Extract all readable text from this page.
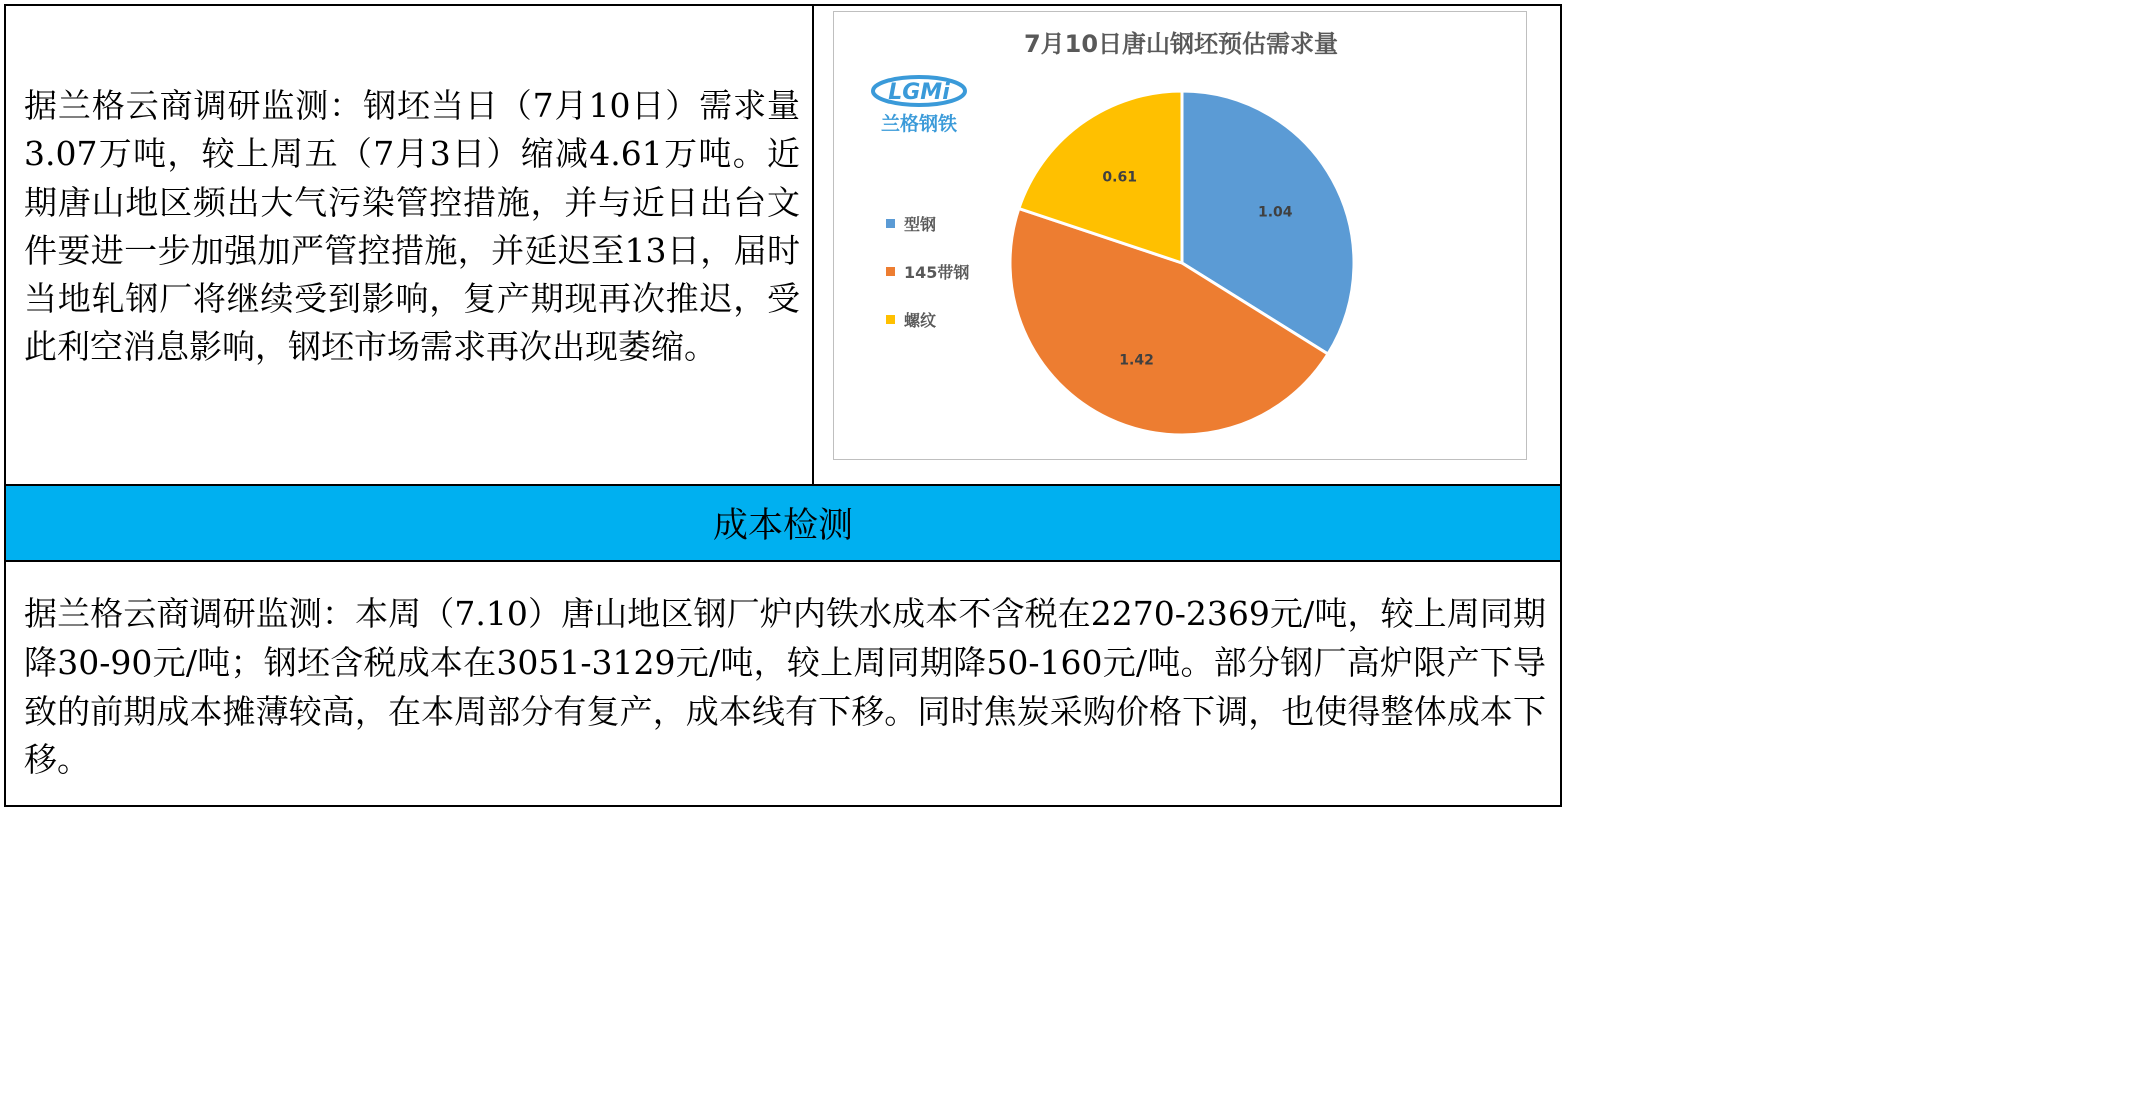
据兰格云商调研监测：钢坯当日（7月10日）需求量3.07万吨，较上周五（7月3日）缩减4.61万吨。近期唐山地区频出大气污染管控措施，并与近日出台文件要进一步加强加严管控措施，并延迟至13日，届时当地轧钢厂将继续受到影响，复产期现再次推迟，受此利空消息影响，钢坯市场需求再次出现萎缩。
成本检测
据兰格云商调研监测：本周（7.10）唐山地区钢厂炉内铁水成本不含税在2270-2369元/吨，较上周同期降30-90元/吨；钢坯含税成本在3051-3129元/吨，较上周同期降50-160元/吨。部分钢厂高炉限产下导致的前期成本摊薄较高，在本周部分有复产，成本线有下移。同时焦炭采购价格下调，也使得整体成本下移。
7月10日唐山钢坯预估需求量
LGMi
兰格钢铁
1.04
1.42
0.61
型钢
145带钢
螺纹
